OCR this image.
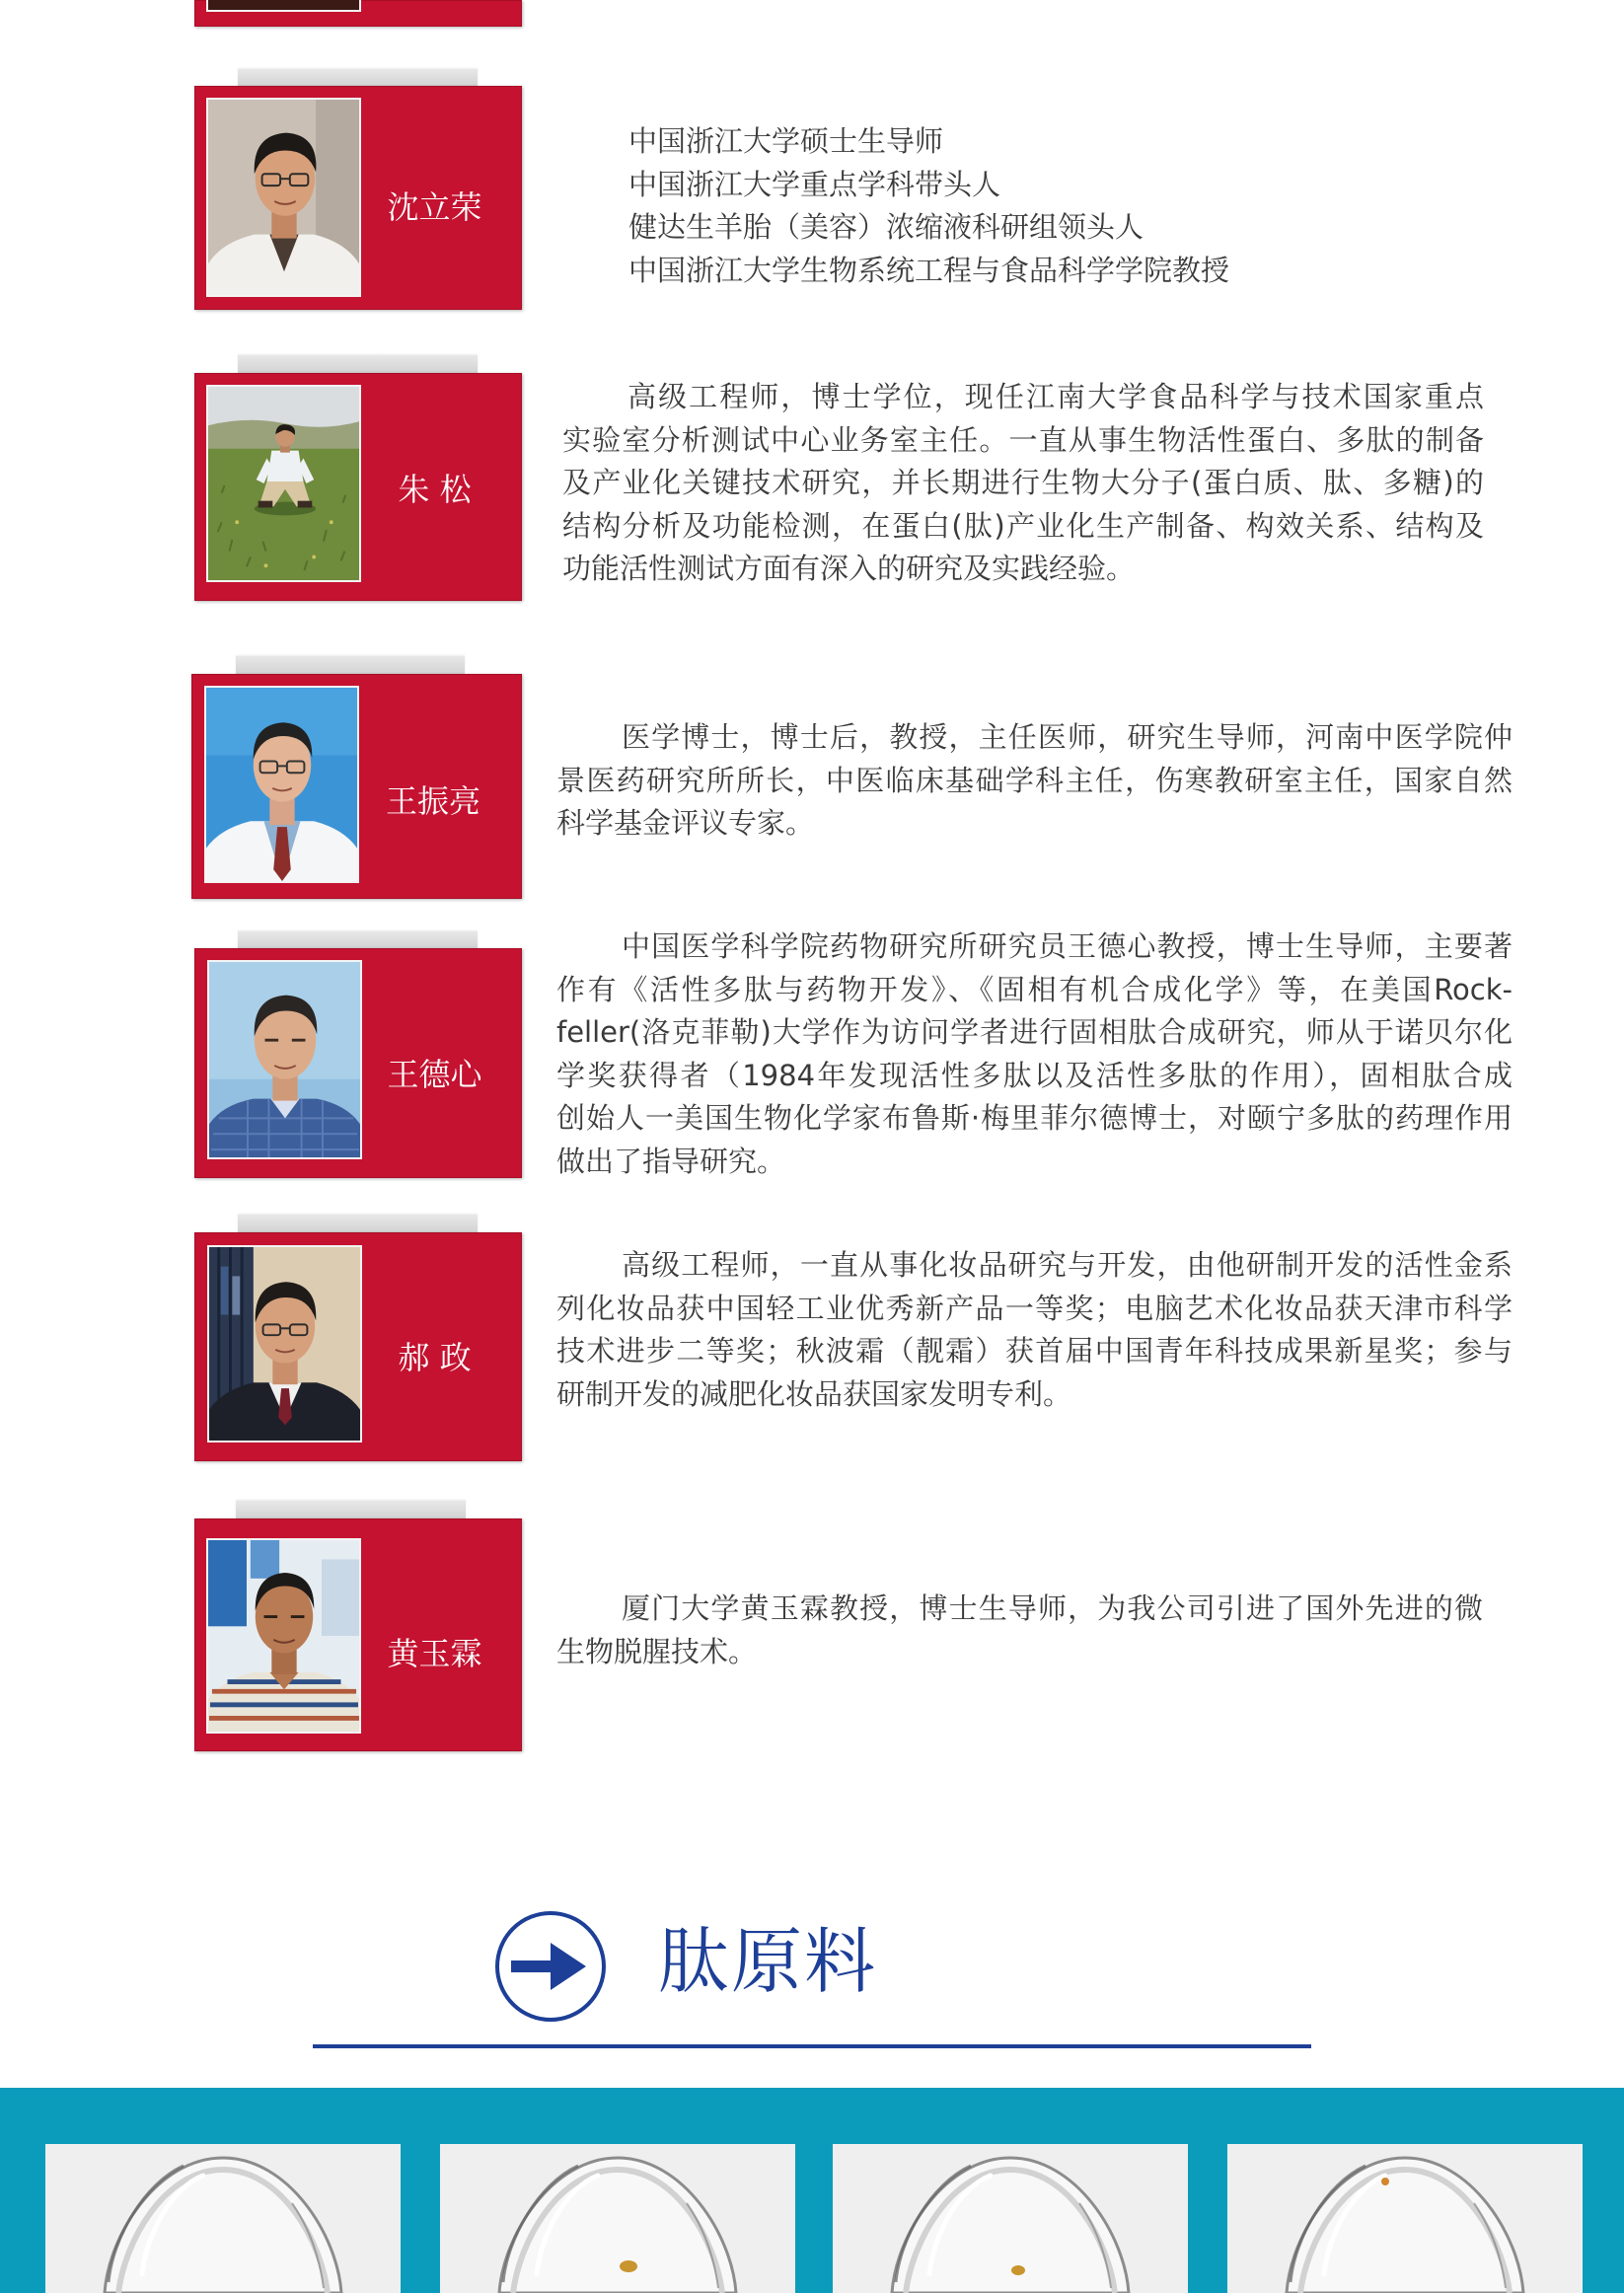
沈立荣
中国浙江大学硕士生导师
中国浙江大学重点学科带头人
健达生羊胎（美容）浓缩液科研组领头人
中国浙江大学生物系统工程与食品科学学院教授
朱 松
高级工程师，博士学位，现任江南大学食品科学与技术国家重点
实验室分析测试中心业务室主任。一直从事生物活性蛋白、多肽的制备
及产业化关键技术研究，并长期进行生物大分子(蛋白质、肽、多糖)的
结构分析及功能检测，在蛋白(肽)产业化生产制备、构效关系、结构及
功能活性测试方面有深入的研究及实践经验。
王振亮
医学博士，博士后，教授，主任医师，研究生导师，河南中医学院仲
景医药研究所所长，中医临床基础学科主任，伤寒教研室主任，国家自然
科学基金评议专家。
王德心
中国医学科学院药物研究所研究员王德心教授，博士生导师，主要著
作有《活性多肽与药物开发》、《固相有机合成化学》等，在美国Rock-
feller(洛克菲勒)大学作为访问学者进行固相肽合成研究，师从于诺贝尔化
学奖获得者（1984年发现活性多肽以及活性多肽的作用），固相肽合成
创始人一美国生物化学家布鲁斯·梅里菲尔德博士，对颐宁多肽的药理作用
做出了指导研究。
郝 政
高级工程师，一直从事化妆品研究与开发，由他研制开发的活性金系
列化妆品获中国轻工业优秀新产品一等奖；电脑艺术化妆品获天津市科学
技术进步二等奖；秋波霜（靓霜）获首届中国青年科技成果新星奖；参与
研制开发的减肥化妆品获国家发明专利。
黄玉霖
厦门大学黄玉霖教授，博士生导师，为我公司引进了国外先进的微
生物脱腥技术。
肽原料
